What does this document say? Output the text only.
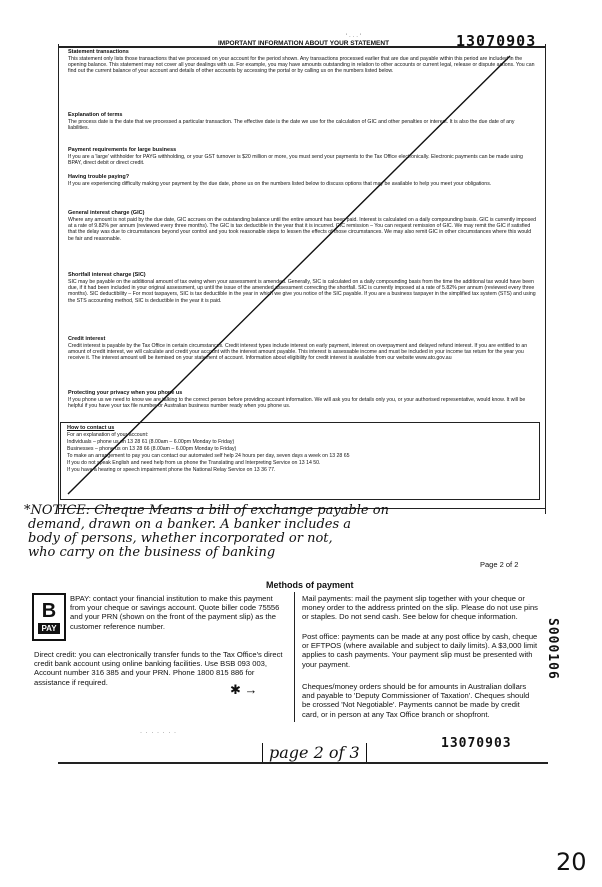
' · · · '	13070903
IMPORTANT INFORMATION ABOUT YOUR STATEMENT
Statement transactions

This statement only lists those transactions that we processed on your account for the period shown. Any transactions processed earlier that are due and payable within this period are included in the opening balance. This statement may not cover all your dealings with us. For example, you may have amounts outstanding in relation to other accounts or current legal, release or dispute actions. You can find out the current balance of your account and details of other accounts by accessing the portal or by calling us on the numbers listed below.

Explanation of terms

The process date is the date that we processed a particular transaction. The effective date is the date we use for the calculation of GIC and other penalties or interest. It is also the due date of any liabilities.

Payment requirements for large business

If you are a 'large' withholder for PAYG withholding, or your GST turnover is $20 million or more, you must send your payments to the Tax Office electronically. Electronic payments can be made using BPAY, direct debit or direct credit.

Having trouble paying?

If you are experiencing difficulty making your payment by the due date, phone us on the numbers listed below to discuss options that may be available to help you meet your obligations.

General interest charge (GIC)

Where any amount is not paid by the due date, GIC accrues on the outstanding balance until the entire amount has been paid. Interest is calculated on a daily compounding basis. GIC is currently imposed at a rate of 9.82% per annum (reviewed every three months). The GIC is tax deductible in the year that it is incurred. GIC remission – You can request remission of GIC. We may remit the GIC if satisfied that the delay was due to circumstances beyond your control and you took reasonable steps to lessen the effects of those circumstances. We may also remit GIC in other circumstances where this would be fair and reasonable.

Shortfall interest charge (SIC)

SIC may be payable on the additional amount of tax owing when your assessment is amended. Generally, SIC is calculated on a daily compounding basis from the time the additional tax would have been due, if it had been included in your original assessment, up until the issue of the amended assessment correcting the shortfall. SIC is currently imposed at a rate of 5.82% per annum (reviewed every three months). SIC deductibility – For most taxpayers, SIC is tax deductible in the year in which we give you notice of the SIC payable. If you are a business taxpayer in the simplified tax system (STS) and using the STS accounting method, SIC is deductible in the year it is paid.

Credit interest

Credit interest is payable by the Tax Office in certain circumstances. Credit interest types include interest on early payment, interest on overpayment and delayed refund interest. If you are entitled to an amount of credit interest, we will calculate and credit your account with the interest amount payable. This interest is assessable income and must be included in your income tax return for the year you receive it. The interest amount will be itemised on your statement of account. Information about eligibility for credit interest is available from our website www.ato.gov.au

Protecting your privacy when you phone us

If you phone us we need to know we are talking to the correct person before providing account information. We will ask you for details only you, or your authorised representative, would know. It will be helpful if you have your tax file number or Australian business number ready when you phone us.

How to contact us
For an explanation of your account:
Individuals – phone us on 13 28 61 (8.00am – 6.00pm Monday to Friday)
Businesses – phone us on 13 28 66 (8.00am – 6.00pm Monday to Friday)
To make an arrangement to pay you can contact our automated self help 24 hours per day, seven days a week on 13 28 65
If you do not speak English and need help from us phone the Translating and Interpreting Service on 13 14 50.
If you have a hearing or speech impairment phone the National Relay Service on 13 36 77.
*NOTICE: Cheque Means a bill of exchange payable on
demand, drawn on a banker. A banker includes a
body of persons, whether incorporated or not,
who carry on the business of banking
Page 2 of 2
Methods of payment
B
PAY
BPAY: contact your financial institution to make this payment from your cheque or savings account. Quote biller code 75556 and your PRN (shown on the front of the payment slip) as the customer reference number.
Direct credit: you can electronically transfer funds to the Tax Office's direct credit bank account using online banking facilities. Use BSB 093 003, Account number 316 385 and your PRN. Phone 1800 815 886 for assistance if required.
Mail payments: mail the payment slip together with your cheque or money order to the address printed on the slip. Please do not use pins or staples. Do not send cash. See below for cheque information.
Post office: payments can be made at any post office by cash, cheque or EFTPOS (where available and subject to daily limits). A $3,000 limit applies to cash payments. Your payment slip must be presented with your payment.
✱ →	Cheques/money orders should be for amounts in Australian dollars and payable to 'Deputy Commissioner of Taxation'. Cheques should be crossed 'Not Negotiable'. Payments cannot be made by credit card, or in person at any Tax Office branch or shopfront.
· · · · · · ·
13070903
page 2 of 3
S000106
20
